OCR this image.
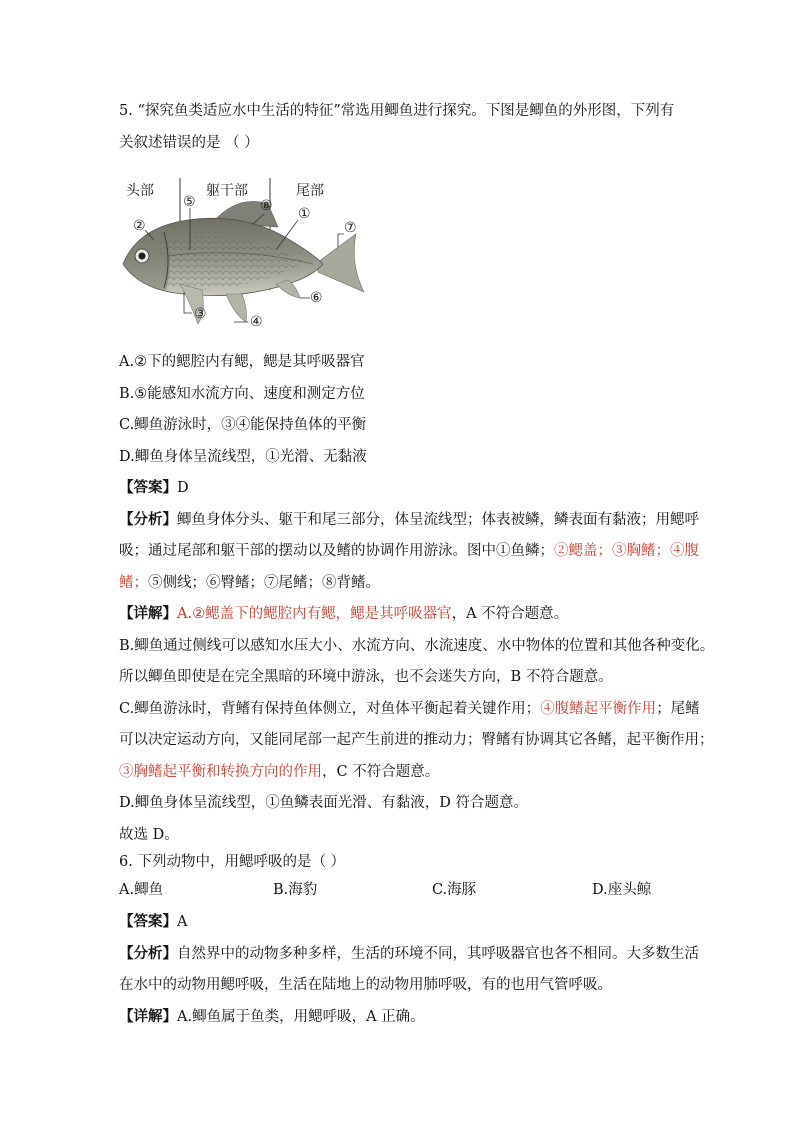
5. “探究鱼类适应水中生活的特征”常选用鲫鱼进行探究。下图是鲫鱼的外形图，下列有
关叙述错误的是 （ ）
头部	躯干部	尾部
⑤	⑧ ①
②	⑦
⑥
③	④
A.②下的鳃腔内有鳃，鳃是其呼吸器官
B.⑤能感知水流方向、速度和测定方位
C.鲫鱼游泳时，③④能保持鱼体的平衡
D.鲫鱼身体呈流线型，①光滑、无黏液
【答案】D
【分析】鲫鱼身体分头、躯干和尾三部分，体呈流线型；体表被鳞，鳞表面有黏液；用鳃呼
吸；通过尾部和躯干部的摆动以及鳍的协调作用游泳。图中①鱼鳞；②鳃盖；③胸鳍；④腹
鳍；⑤侧线；⑥臀鳍；⑦尾鳍；⑧背鳍。
【详解】A.②鳃盖下的鳃腔内有鳃，鳃是其呼吸器官，A 不符合题意。
B.鲫鱼通过侧线可以感知水压大小、水流方向、水流速度、水中物体的位置和其他各种变化。
所以鲫鱼即使是在完全黑暗的环境中游泳，也不会迷失方向，B 不符合题意。
C.鲫鱼游泳时，背鳍有保持鱼体侧立，对鱼体平衡起着关键作用；④腹鳍起平衡作用；尾鳍
可以决定运动方向，又能同尾部一起产生前进的推动力；臀鳍有协调其它各鳍，起平衡作用；
③胸鳍起平衡和转换方向的作用，C 不符合题意。
D.鲫鱼身体呈流线型，①鱼鳞表面光滑、有黏液，D 符合题意。
故选 D。
6. 下列动物中，用鳃呼吸的是（ ）
A.鲫鱼	B.海豹	C.海豚	D.座头鲸
【答案】A
【分析】自然界中的动物多种多样，生活的环境不同，其呼吸器官也各不相同。大多数生活
在水中的动物用鳃呼吸，生活在陆地上的动物用肺呼吸，有的也用气管呼吸。
【详解】A.鲫鱼属于鱼类，用鳃呼吸，A 正确。
